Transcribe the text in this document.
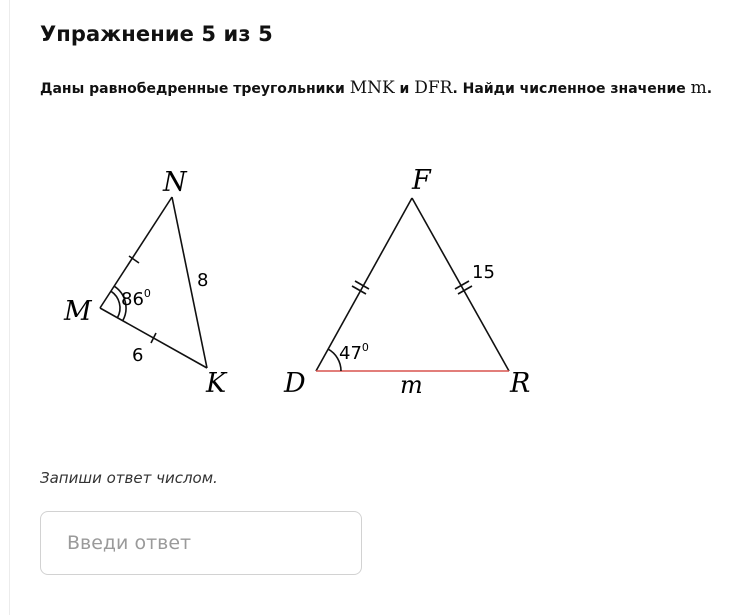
Упражнение 5 из 5
Даны равнобедренные треугольники MNK и DFR. Найди численное значение m.
N
M
K
$86^0$
8
6
F
D	R
$47^0$
15
m
Запиши ответ числом.
Введи ответ
